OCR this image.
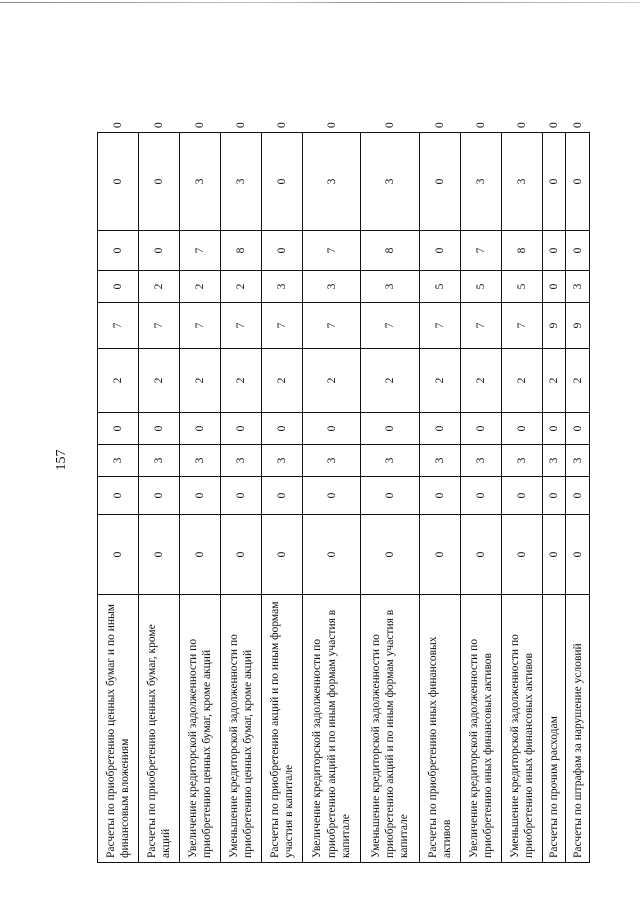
157
Расчеты по приобретению ценных бумаг и по иным финансовым вложениям	0	0	3	0	2	7	0	0	0	0
Расчеты по приобретению ценных бумаг, кроме акций	0	0	3	0	2	7	2	0	0	0
Увеличение кредиторской задолженности по приобретению ценных бумаг, кроме акций	0	0	3	0	2	7	2	7	3	0
Уменьшение кредиторской задолженности по приобретению ценных бумаг, кроме акций	0	0	3	0	2	7	2	8	3	0
Расчеты по приобретению акций и по иным формам участия в капитале	0	0	3	0	2	7	3	0	0	0
Увеличение кредиторской задолженности по приобретению акций и по иным формам участия в капитале	0	0	3	0	2	7	3	7	3	0
Уменьшение кредиторской задолженности по приобретению акций и по иным формам участия в капитале	0	0	3	0	2	7	3	8	3	0
Расчеты по приобретению иных финансовых активов	0	0	3	0	2	7	5	0	0	0
Увеличение кредиторской задолженности по приобретению иных финансовых активов	0	0	3	0	2	7	5	7	3	0
Уменьшение кредиторской задолженности по приобретению иных финансовых активов	0	0	3	0	2	7	5	8	3	0
Расчеты по прочим расходам	0	0	3	0	2	9	0	0	0	0
Расчеты по штрафам за нарушение условий	0	0	3	0	2	9	3	0	0	0
